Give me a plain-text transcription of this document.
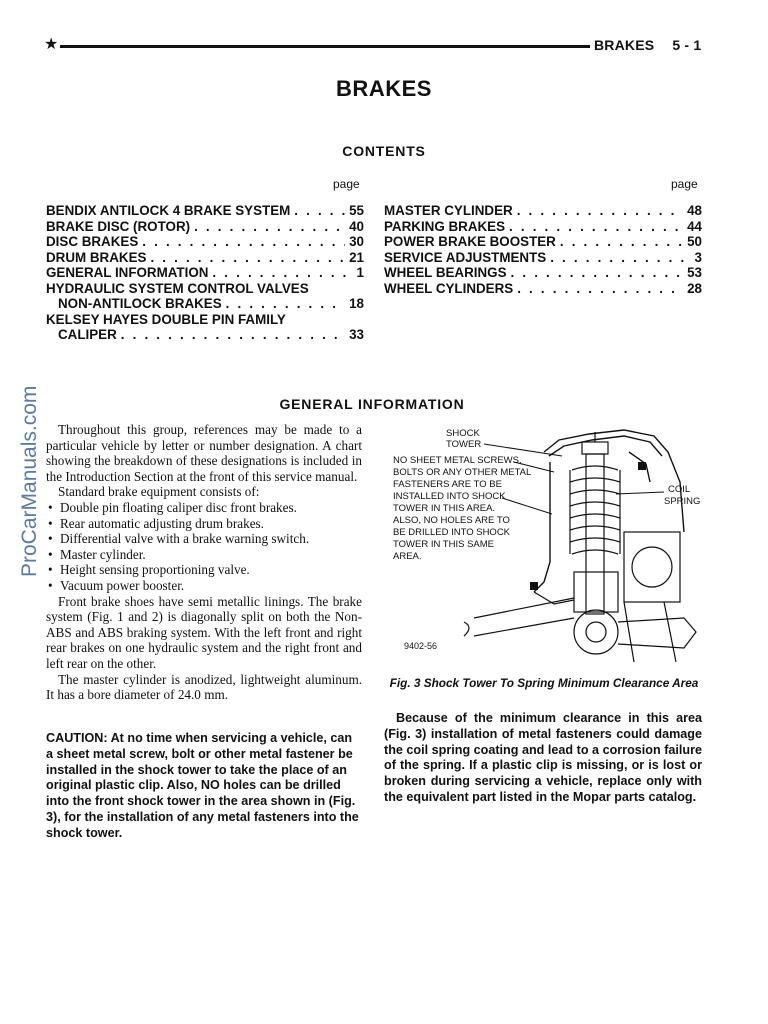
★	BRAKES 5 - 1
BRAKES
CONTENTS
page	page
BENDIX ANTILOCK 4 BRAKE SYSTEM . . .	55
BRAKE DISC (ROTOR) . . .	40
DISC BRAKES . . .	30
DRUM BRAKES . . .	21
GENERAL INFORMATION . . .	1
HYDRAULIC SYSTEM CONTROL VALVES
NON-ANTILOCK BRAKES . . .	18
KELSEY HAYES DOUBLE PIN FAMILY
CALIPER . . .	33
MASTER CYLINDER . . .	48
PARKING BRAKES . . .	44
POWER BRAKE BOOSTER . . .	50
SERVICE ADJUSTMENTS . . .	3
WHEEL BEARINGS . . .	53
WHEEL CYLINDERS . . .	28
GENERAL INFORMATION

Throughout this group, references may be made to a particular vehicle by letter or number designation. A chart showing the breakdown of these designations is included in the Introduction Section at the front of this service manual.

Standard brake equipment consists of:

• Double pin floating caliper disc front brakes.
• Rear automatic adjusting drum brakes.
• Differential valve with a brake warning switch.
• Master cylinder.
• Height sensing proportioning valve.
• Vacuum power booster.

Front brake shoes have semi metallic linings. The brake system (Fig. 1 and 2) is diagonally split on both the Non-ABS and ABS braking system. With the left front and right rear brakes on one hydraulic system and the right front and left rear on the other.

The master cylinder is anodized, lightweight aluminum. It has a bore diameter of 24.0 mm.

CAUTION: At no time when servicing a vehicle, can a sheet metal screw, bolt or other metal fastener be installed in the shock tower to take the place of an original plastic clip. Also, NO holes can be drilled into the front shock tower in the area shown in (Fig. 3), for the installation of any metal fasteners into the shock tower.
SHOCK
TOWER
NO SHEET METAL SCREWS,
BOLTS OR ANY OTHER METAL
FASTENERS ARE TO BE
INSTALLED INTO SHOCK
TOWER IN THIS AREA.
ALSO, NO HOLES ARE TO
BE DRILLED INTO SHOCK
TOWER IN THIS SAME
AREA.
COIL
SPRING
9402-56
Fig. 3 Shock Tower To Spring Minimum Clearance Area
Because of the minimum clearance in this area (Fig. 3) installation of metal fasteners could damage the coil spring coating and lead to a corrosion failure of the spring. If a plastic clip is missing, or is lost or broken during servicing a vehicle, replace only with the equivalent part listed in the Mopar parts catalog.
ProCarManuals.com
